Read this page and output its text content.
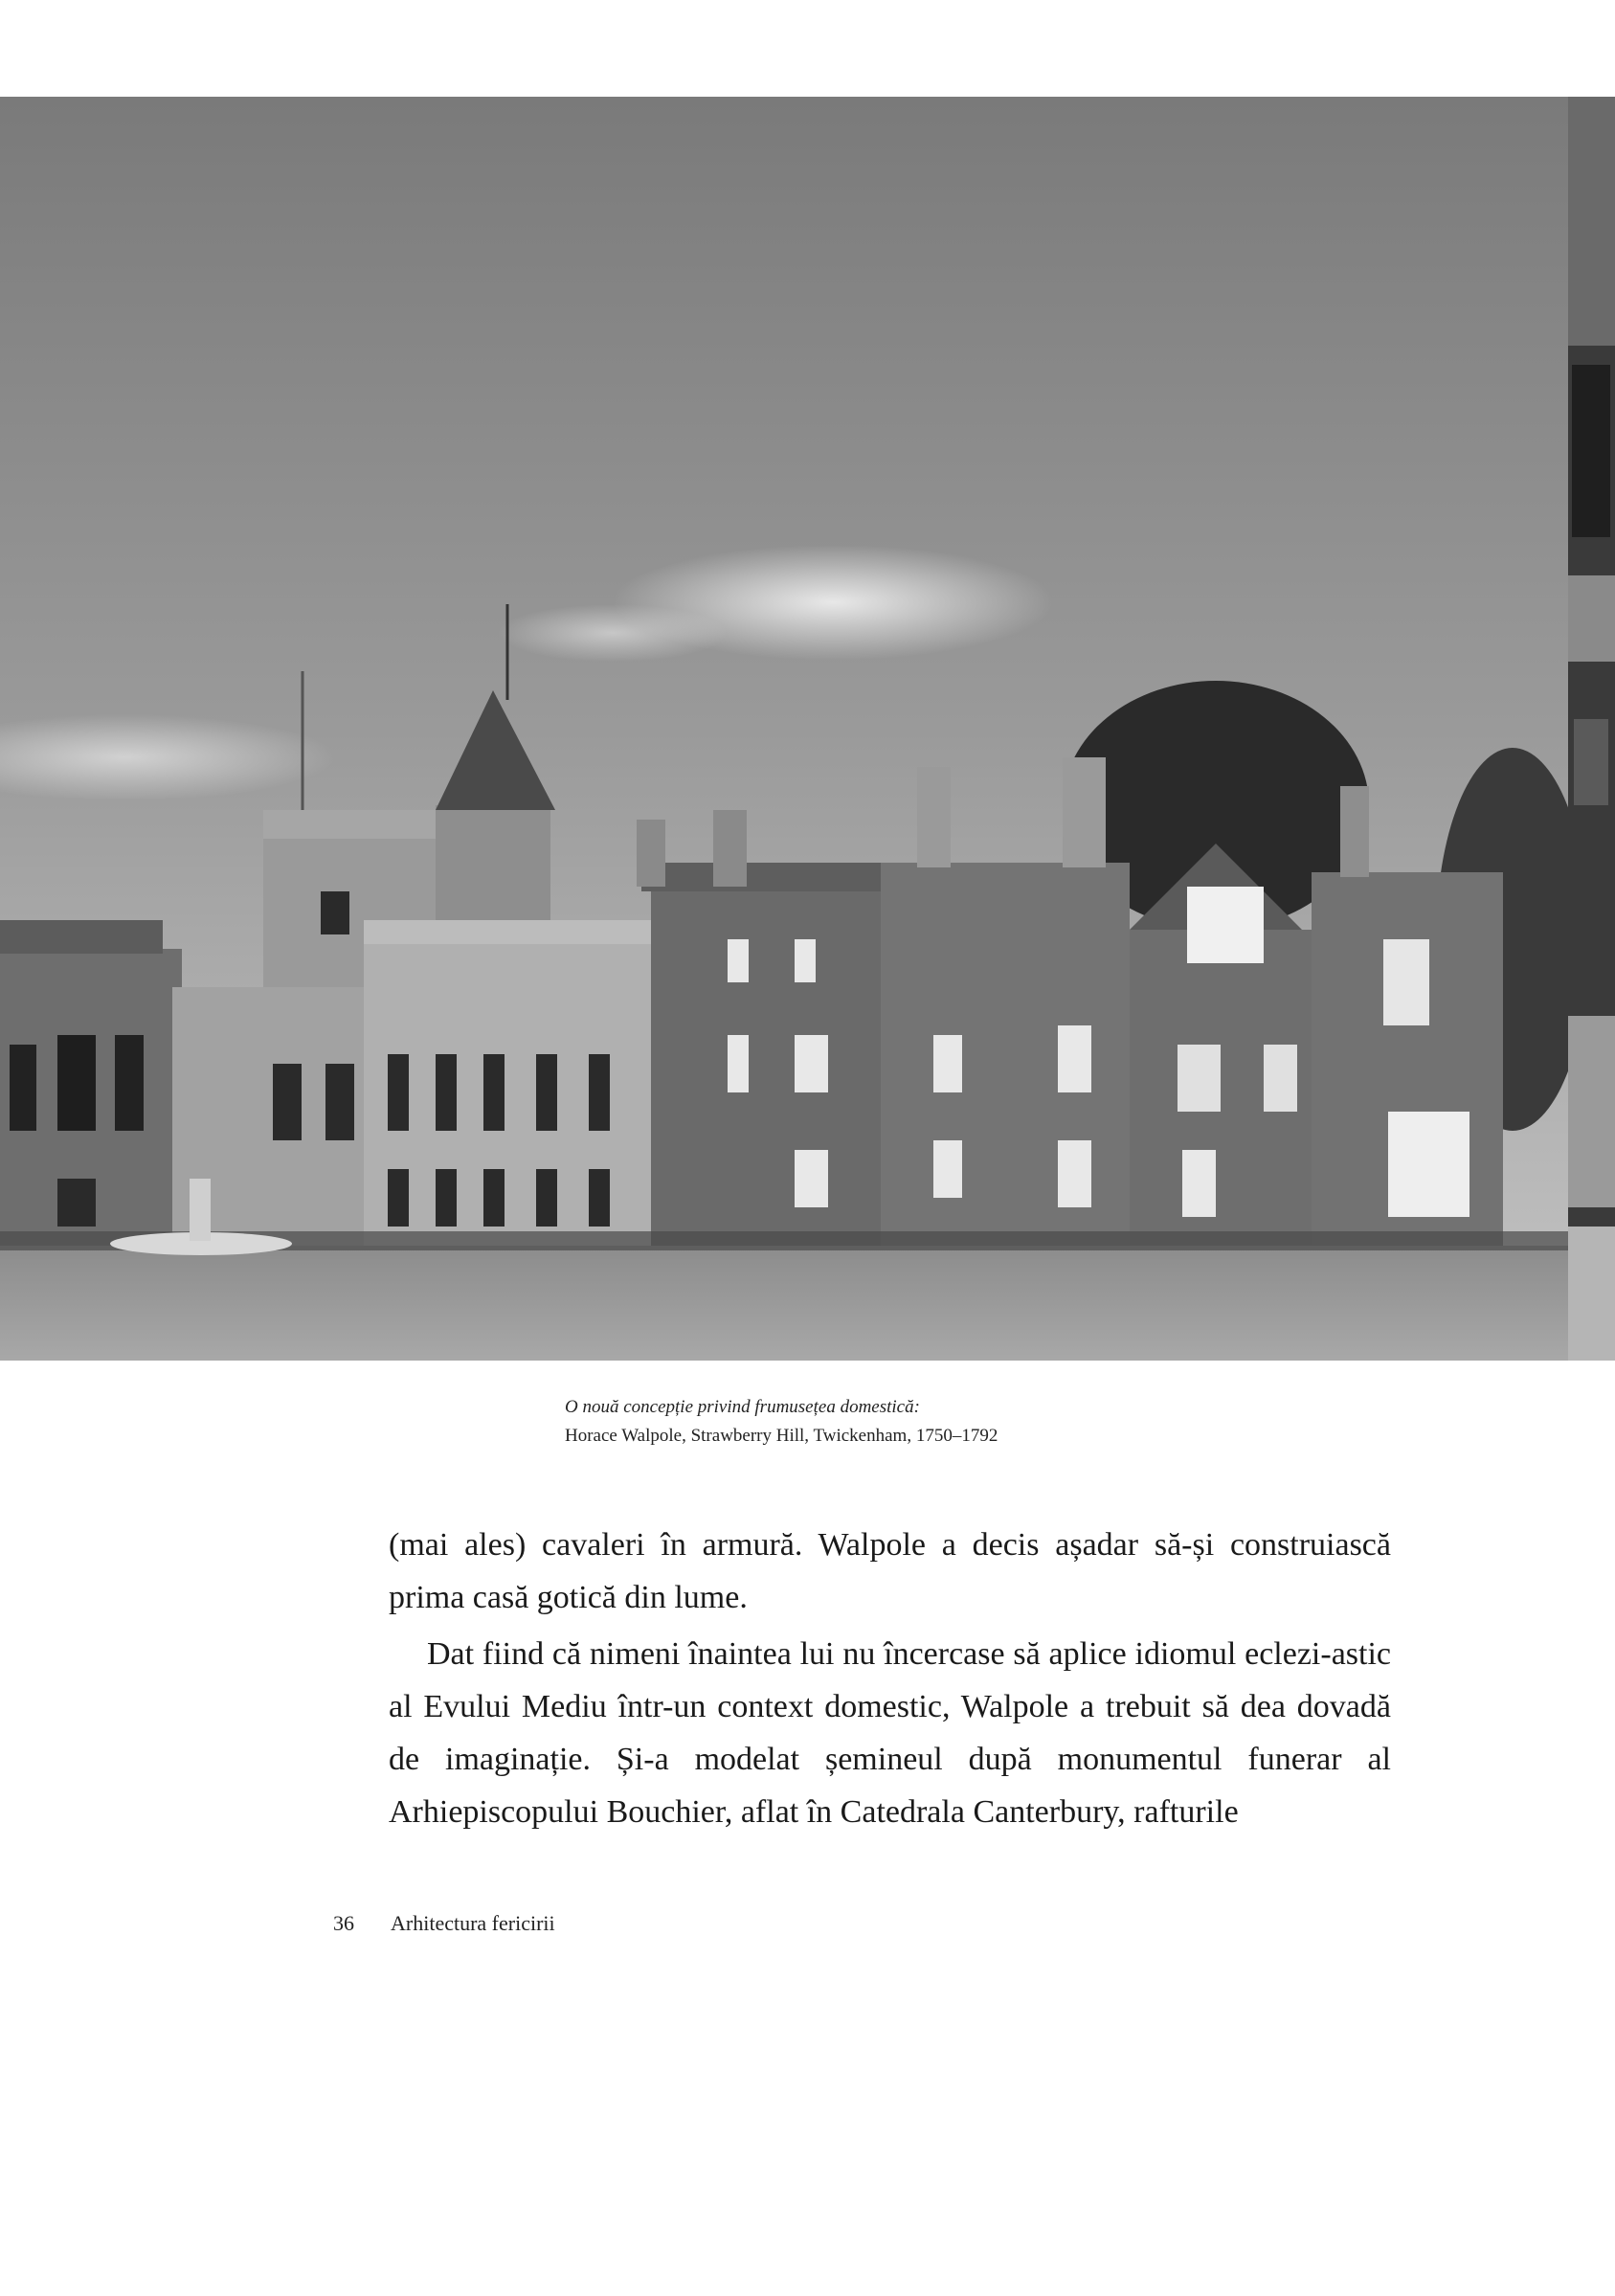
O nouă concepție privind frumusețea domestică:
Horace Walpole, Strawberry Hill, Twickenham, 1750–1792

(mai ales) cavaleri în armură. Walpole a decis așadar să-și construiască prima casă gotică din lume.

Dat fiind că nimeni înaintea lui nu încercase să aplice idiomul eclezi-astic al Evului Mediu într-un context domestic, Walpole a trebuit să dea dovadă de imaginație. Și-a modelat șemineul după monumentul funerar al Arhiepiscopului Bouchier, aflat în Catedrala Canterbury, rafturile

36 Arhitectura fericirii
